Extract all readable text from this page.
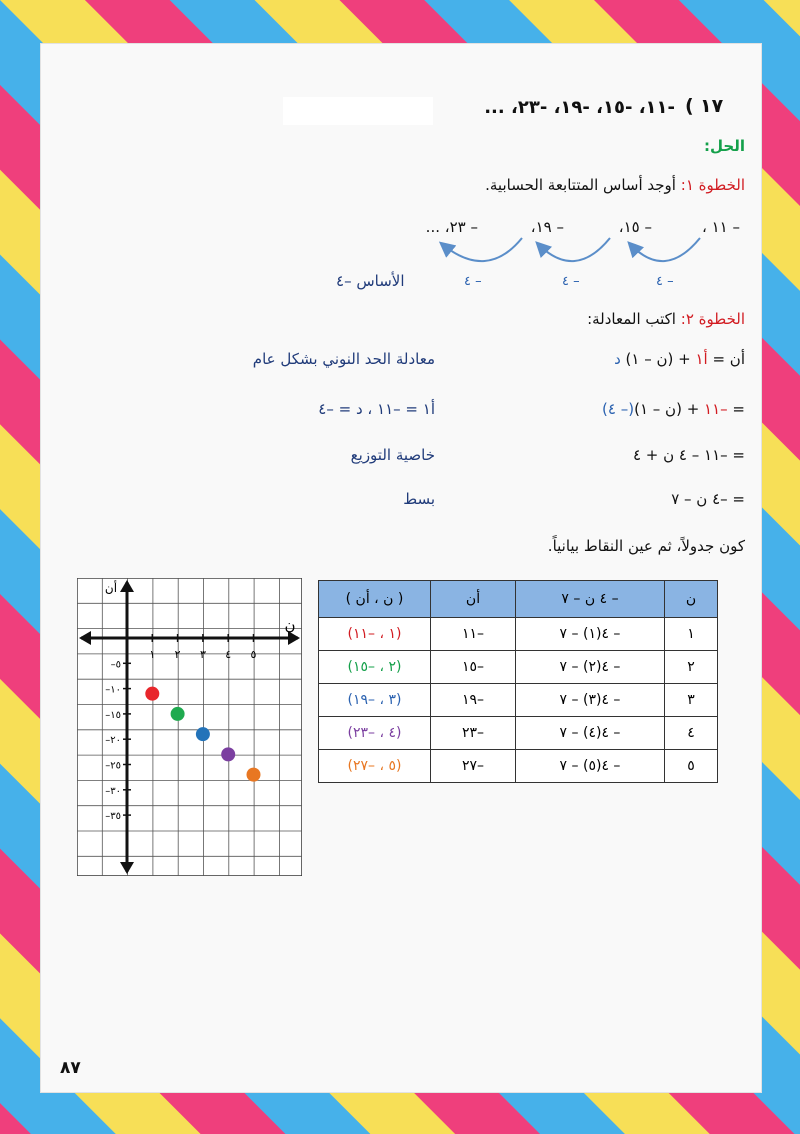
١٧
)
-١١، -١٥، -١٩، -٢٣، ...
الحل:
الخطوة ١: أوجد أساس المتتابعة الحسابية.
– ١١ ،
– ١٥،
– ١٩،
– ٢٣، ...
– ٤
– ٤
– ٤
الأساس –٤
الخطوة ٢: اكتب المعادلة:
أن = أ١ + (ن – ١) د
معادلة الحد النوني بشكل عام
= –١١ + (ن – ١)(– ٤)
أ١ = –١١ ، د = –٤
= –١١ – ٤ ن + ٤
خاصية التوزيع
= –٤ ن – ٧
بسط
كون جدولاً، ثم عين النقاط بيانياً.
ن	– ٤ ن – ٧	أن	( ن ، أن )
١	– ٤(١) – ٧	–١١	(١ ، –١١)
٢	– ٤(٢) – ٧	–١٥	(٢ ، –١٥)
٣	– ٤(٣) – ٧	–١٩	(٣ ، –١٩)
٤	– ٤(٤) – ٧	–٢٣	(٤ ، –٢٣)
٥	– ٤(٥) – ٧	–٢٧	(٥ ، –٢٧)
ن
أن
١ ٢ ٣ ٤ ٥
–٥
–١٠
–١٥
–٢٠
–٢٥
–٣٠
–٣٥
٨٧
